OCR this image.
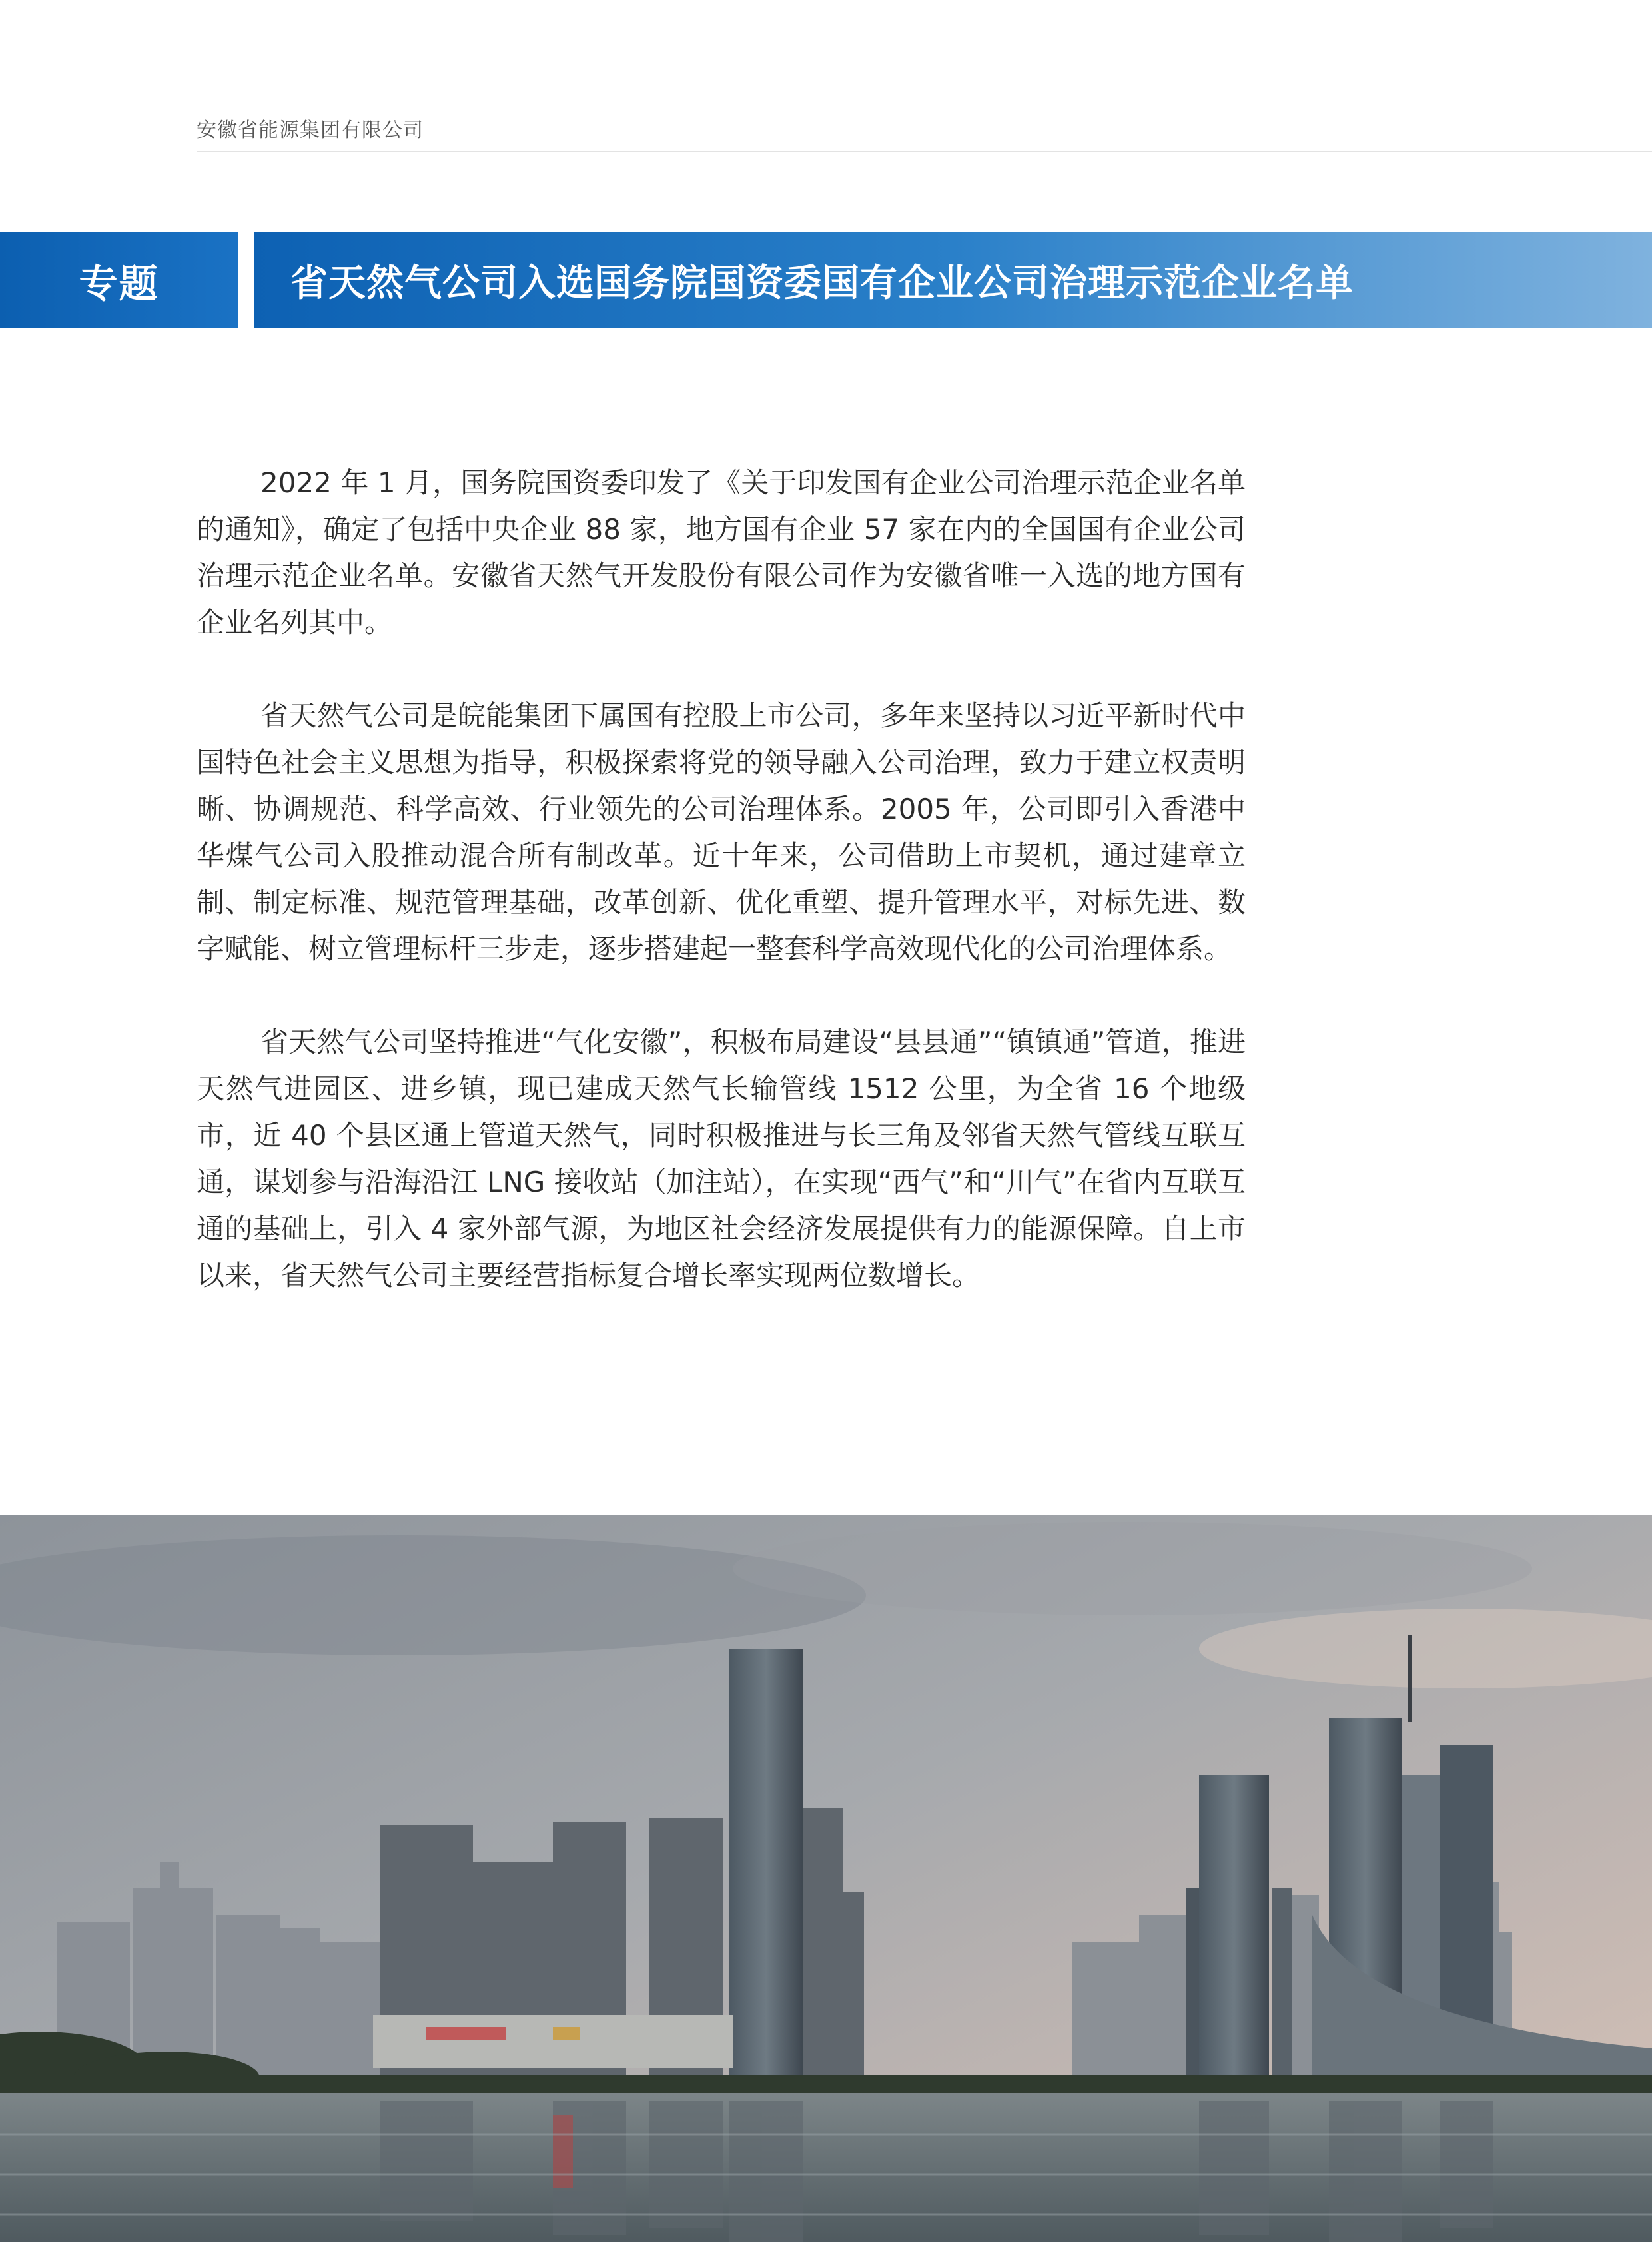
安徽省能源集团有限公司
专题	省天然气公司入选国务院国资委国有企业公司治理示范企业名单

2022 年 1 月，国务院国资委印发了《关于印发国有企业公司治理示范企业名单的通知》，确定了包括中央企业 88 家，地方国有企业 57 家在内的全国国有企业公司治理示范企业名单。安徽省天然气开发股份有限公司作为安徽省唯一入选的地方国有企业名列其中。

省天然气公司是皖能集团下属国有控股上市公司，多年来坚持以习近平新时代中国特色社会主义思想为指导，积极探索将党的领导融入公司治理，致力于建立权责明晰、协调规范、科学高效、行业领先的公司治理体系。2005 年，公司即引入香港中华煤气公司入股推动混合所有制改革。近十年来，公司借助上市契机，通过建章立制、制定标准、规范管理基础，改革创新、优化重塑、提升管理水平，对标先进、数字赋能、树立管理标杆三步走，逐步搭建起一整套科学高效现代化的公司治理体系。

省天然气公司坚持推进“气化安徽”，积极布局建设“县县通”“镇镇通”管道，推进天然气进园区、进乡镇，现已建成天然气长输管线 1512 公里，为全省 16 个地级市，近 40 个县区通上管道天然气，同时积极推进与长三角及邻省天然气管线互联互通，谋划参与沿海沿江 LNG 接收站（加注站），在实现“西气”和“川气”在省内互联互通的基础上，引入 4 家外部气源，为地区社会经济发展提供有力的能源保障。自上市以来，省天然气公司主要经营指标复合增长率实现两位数增长。
